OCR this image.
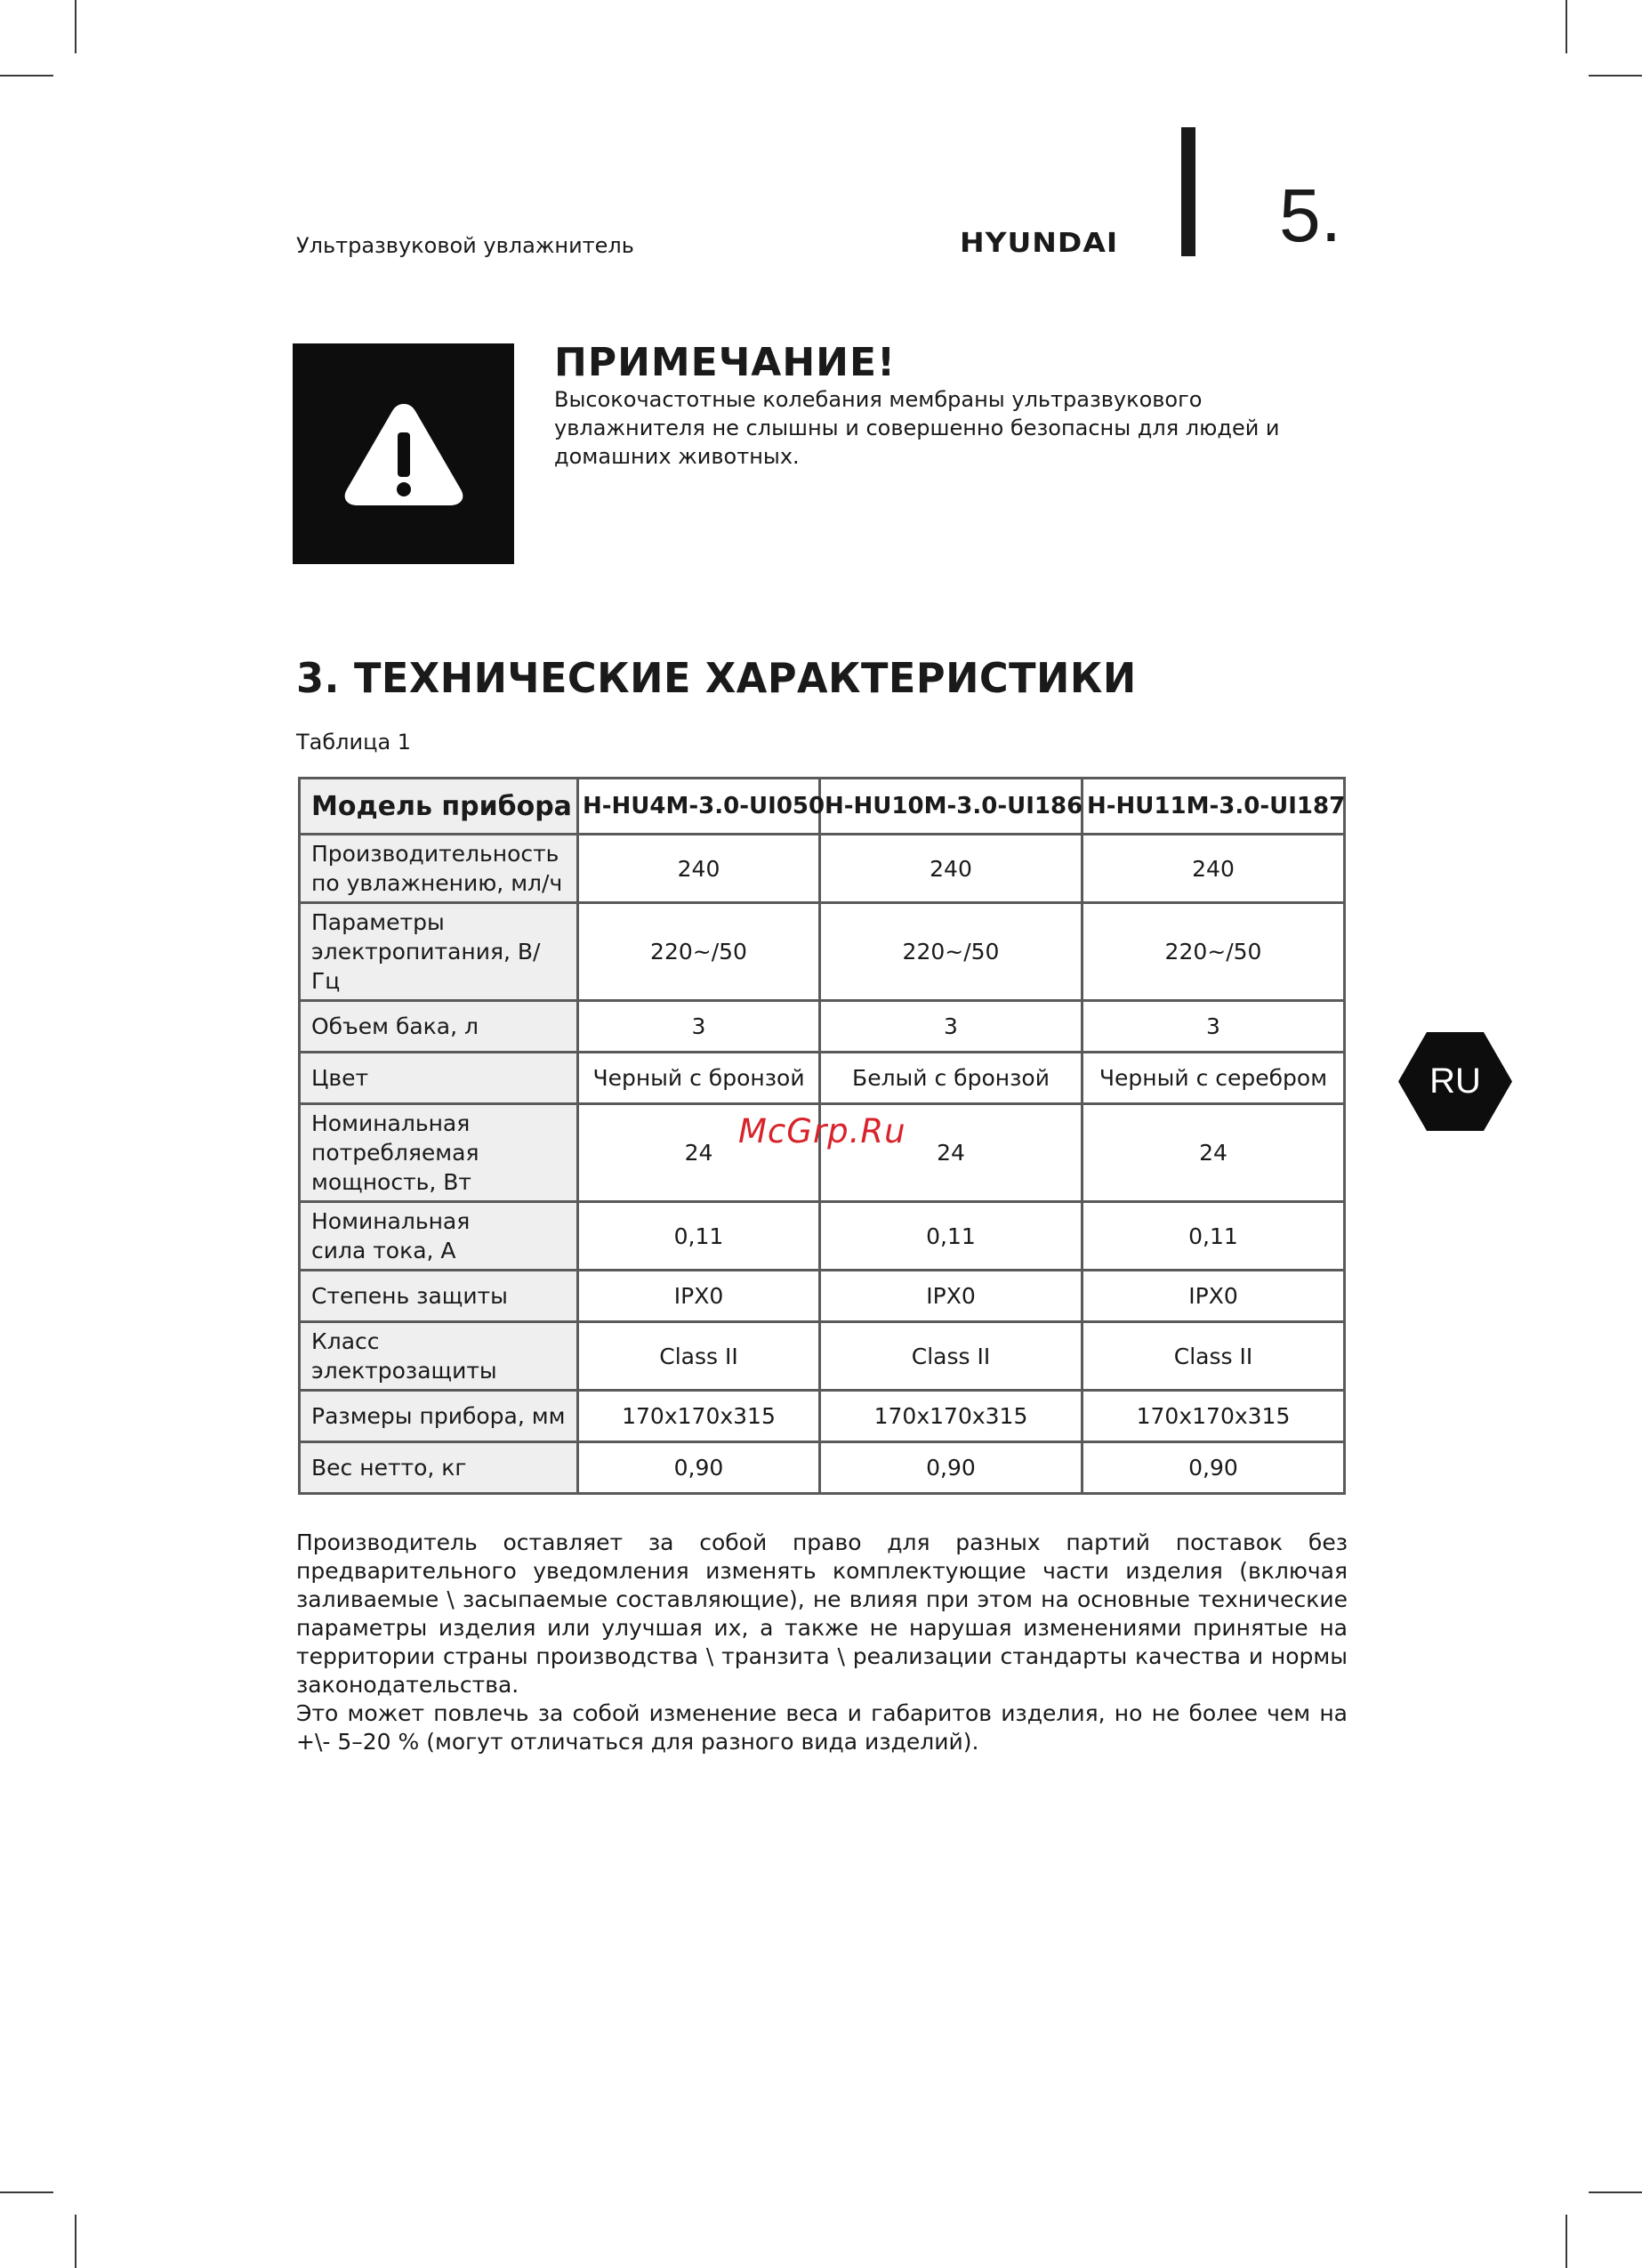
Ультразвуковой увлажнитель	HYUNDAI 5.
ПРИМЕЧАНИЕ!
Высокочастотные колебания мембраны ультразвукового
увлажнителя не слышны и совершенно безопасны для людей и
домашних животных.
3. ТЕХНИЧЕСКИЕ ХАРАКТЕРИСТИКИ
Таблица 1
Модель прибора	H-HU4M-3.0-UI050	H-HU10M-3.0-UI186	H-HU11M-3.0-UI187

Производительность
по увлажнению, мл/ч	240	240	240

Параметры
электропитания, В/Гц	220~/50	220~/50	220~/50

Объем бака, л	3	3	3

Цвет	Черный с бронзой	Белый с бронзой	Черный с серебром

Номинальная
потребляемая
мощность, Вт	24	24	24

Номинальная
сила тока, А	0,11	0,11	0,11

Степень защиты	IPX0	IPX0	IPX0

Класс электрозащиты	Class II	Class II	Class II

Размеры прибора, мм	170x170x315	170x170x315	170x170x315

Вес нетто, кг	0,90	0,90	0,90
McGrp.Ru

Производитель оставляет за собой право для разных партий поставок без предварительного уведомления изменять комплектующие части изделия (включая заливаемые \ засыпаемые составляющие), не влияя при этом на основные технические параметры изделия или улучшая их, а также не нарушая изменениями принятые на территории страны производства \ транзита \ реализации стандарты качества и нормы законодательства.

Это может повлечь за собой изменение веса и габаритов изделия, но не более чем на +\- 5–20 % (могут отличаться для разного вида изделий).

RU
